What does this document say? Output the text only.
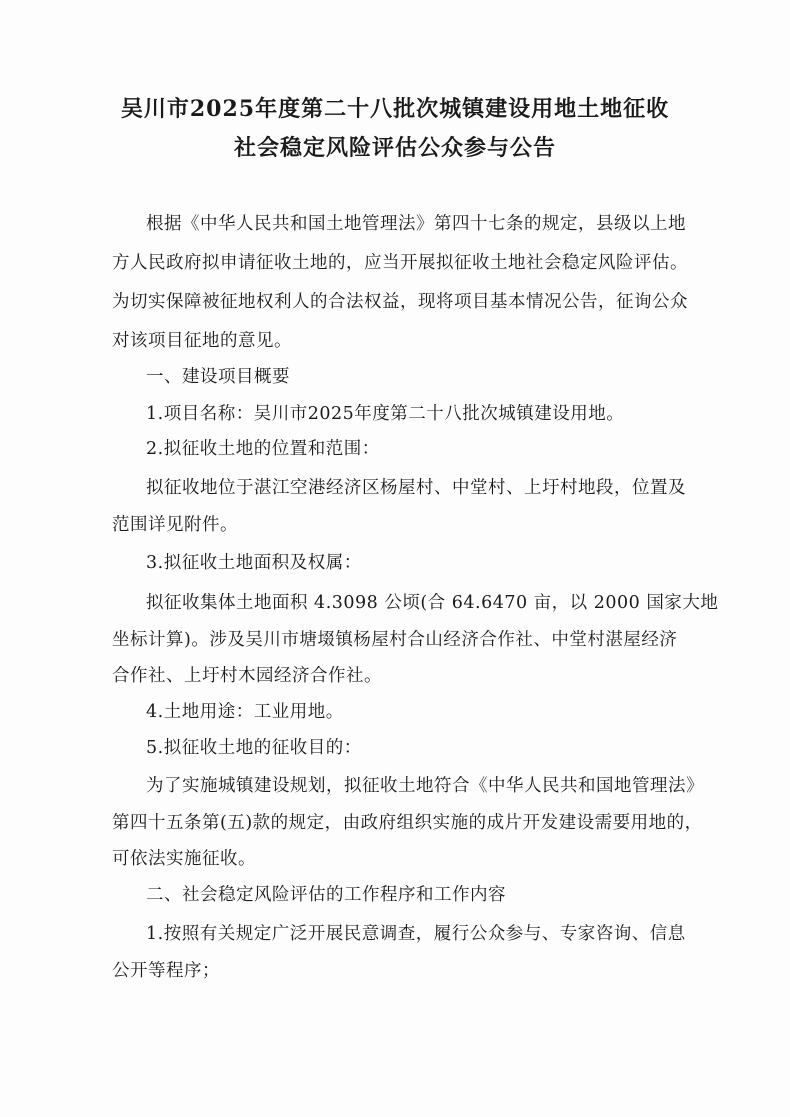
吴川市2025年度第二十八批次城镇建设用地土地征收
社会稳定风险评估公众参与公告
根据《中华人民共和国土地管理法》第四十七条的规定，县级以上地
方人民政府拟申请征收土地的，应当开展拟征收土地社会稳定风险评估。
为切实保障被征地权利人的合法权益，现将项目基本情况公告，征询公众
对该项目征地的意见。
一、建设项目概要
1.项目名称：吴川市2025年度第二十八批次城镇建设用地。
2.拟征收土地的位置和范围：
拟征收地位于湛江空港经济区杨屋村、中堂村、上圩村地段，位置及
范围详见附件。
3.拟征收土地面积及权属：
拟征收集体土地面积 4.3098 公顷(合 64.6470 亩，以 2000 国家大地
坐标计算)。涉及吴川市塘㙍镇杨屋村合山经济合作社、中堂村湛屋经济
合作社、上圩村木园经济合作社。
4.土地用途：工业用地。
5.拟征收土地的征收目的：
为了实施城镇建设规划，拟征收土地符合《中华人民共和国地管理法》
第四十五条第(五)款的规定，由政府组织实施的成片开发建设需要用地的，
可依法实施征收。
二、社会稳定风险评估的工作程序和工作内容
1.按照有关规定广泛开展民意调查，履行公众参与、专家咨询、信息
公开等程序；
